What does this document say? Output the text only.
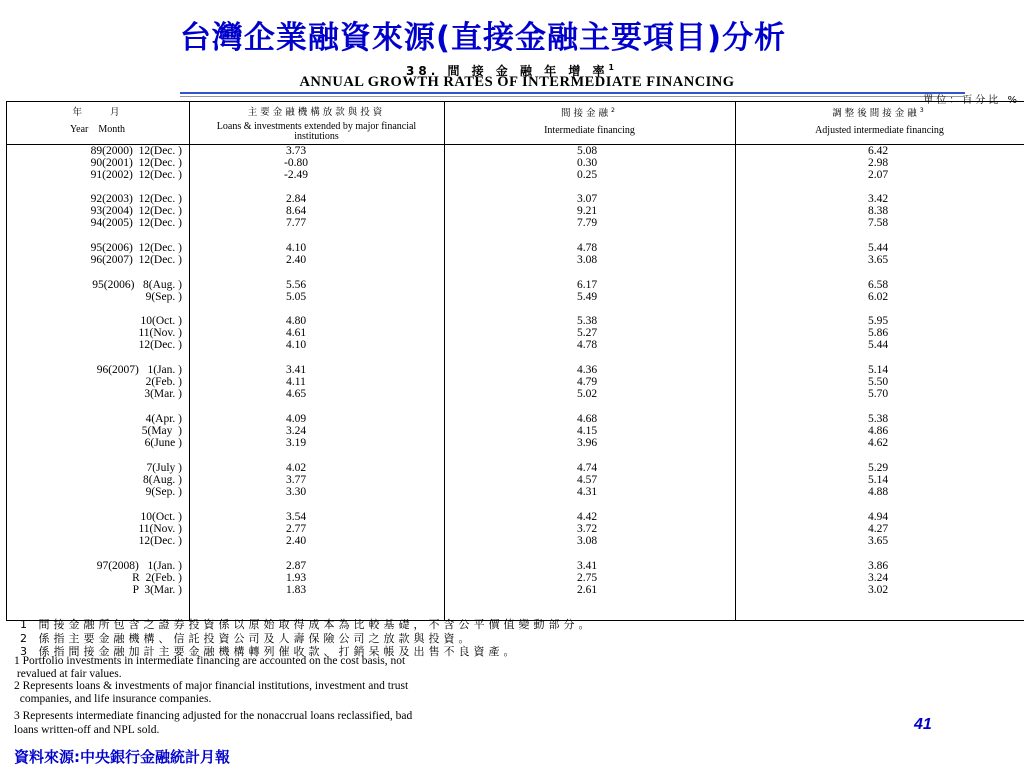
台灣企業融資來源(直接金融主要項目)分析
38. 間 接 金 融 年 增 率$^1$
ANNUAL GROWTH RATES OF INTERMEDIATE FINANCING
單位：百分比 %
年　　月
Year　Month
主要金融機構放款與投資
Loans & investments extended by major financial institutions
間接金融$^2$
Intermediate financing
調整後間接金融$^3$
Adjusted intermediate financing
89(2000)  12(Dec. )	3.73	5.08	6.42
90(2001)  12(Dec. )	-0.80	0.30	2.98
91(2002)  12(Dec. )	-2.49	0.25	2.07
92(2003)  12(Dec. )	2.84	3.07	3.42
93(2004)  12(Dec. )	8.64	9.21	8.38
94(2005)  12(Dec. )	7.77	7.79	7.58
95(2006)  12(Dec. )	4.10	4.78	5.44
96(2007)  12(Dec. )	2.40	3.08	3.65
95(2006)   8(Aug. )	5.56	6.17	6.58
9(Sep. )	5.05	5.49	6.02
10(Oct. )	4.80	5.38	5.95
11(Nov. )	4.61	5.27	5.86
12(Dec. )	4.10	4.78	5.44
96(2007)   1(Jan. )	3.41	4.36	5.14
2(Feb. )	4.11	4.79	5.50
3(Mar. )	4.65	5.02	5.70
4(Apr. )	4.09	4.68	5.38
5(May  )	3.24	4.15	4.86
6(June )	3.19	3.96	4.62
7(July )	4.02	4.74	5.29
8(Aug. )	3.77	4.57	5.14
9(Sep. )	3.30	4.31	4.88
10(Oct. )	3.54	4.42	4.94
11(Nov. )	2.77	3.72	4.27
12(Dec. )	2.40	3.08	3.65
97(2008)   1(Jan. )	2.87	3.41	3.86
R  2(Feb. )	1.93	2.75	3.24
P  3(Mar. )	1.83	2.61	3.02
1 間接金融所包含之證券投資係以原始取得成本為比較基礎，不含公平價值變動部分。
2 係指主要金融機構、信託投資公司及人壽保險公司之放款與投資。
3 係指間接金融加計主要金融機構轉列催收款、打銷呆帳及出售不良資產。
1 Portfolio investments in intermediate financing are accounted on the cost basis, not
revalued at fair values.
2 Represents loans & investments of major financial institutions, investment and trust
companies, and life insurance companies.
3 Represents intermediate financing adjusted for the nonaccrual loans reclassified, bad
loans written-off and NPL sold.	41
資料來源:中央銀行金融統計月報
